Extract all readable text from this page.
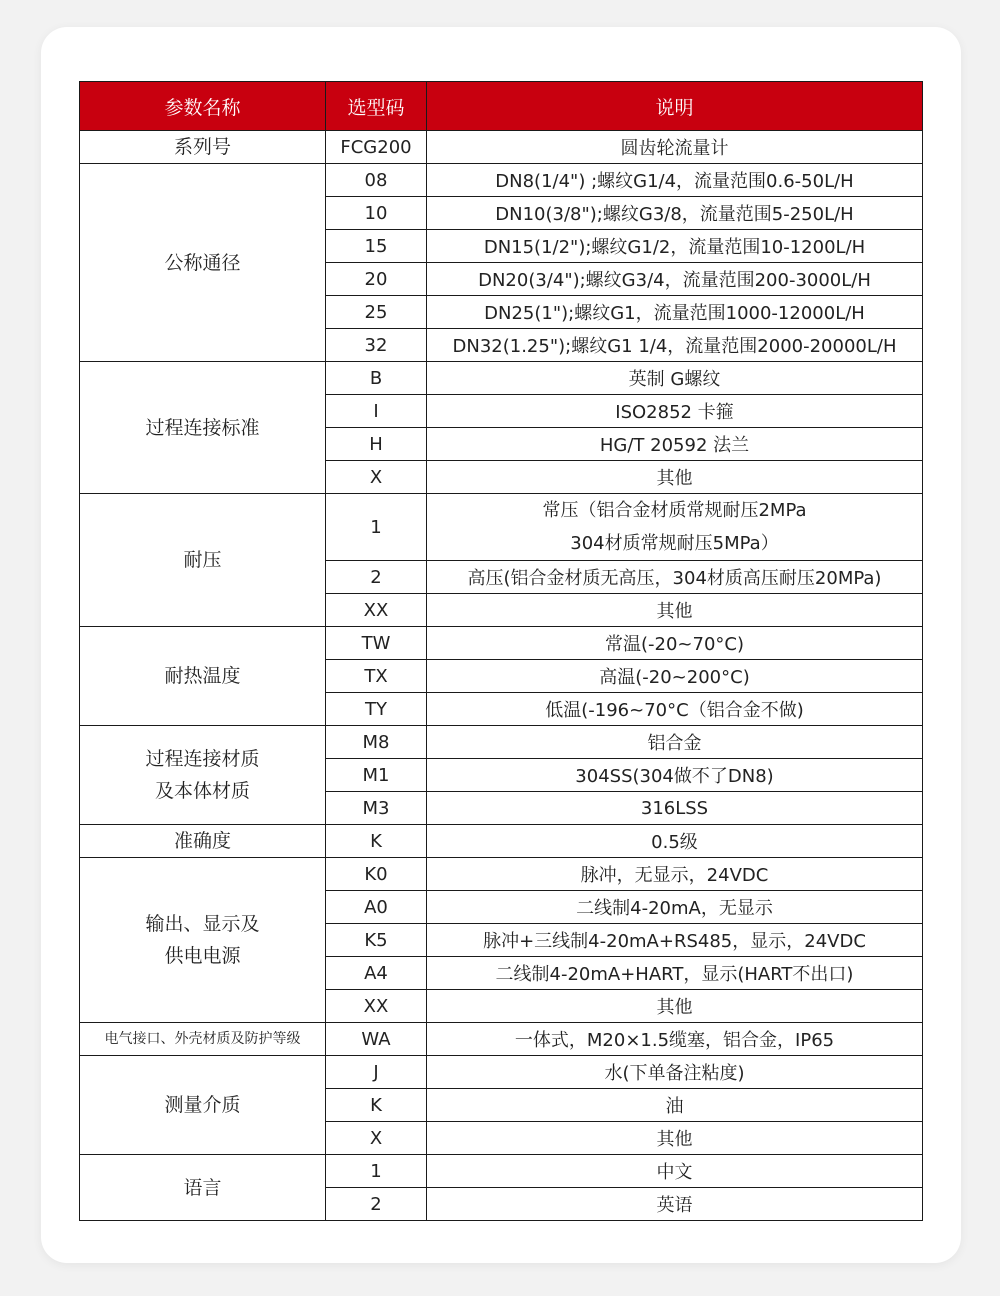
参数名称	选型码	说明

系列号	FCG200	圆齿轮流量计

公称通径	08	DN8(1/4") ;螺纹G1/4，流量范围0.6-50L/H

	10	DN10(3/8");螺纹G3/8，流量范围5-250L/H

	15	DN15(1/2");螺纹G1/2，流量范围10-1200L/H

	20	DN20(3/4");螺纹G3/4，流量范围200-3000L/H

	25	DN25(1");螺纹G1，流量范围1000-12000L/H

	32	DN32(1.25");螺纹G1 1/4，流量范围2000-20000L/H

过程连接标准	B	英制 G螺纹

	I	ISO2852 卡箍

	H	HG/T 20592 法兰

	X	其他

耐压	1	常压（铝合金材质常规耐压2MPa
304材质常规耐压5MPa）

	2	高压(铝合金材质无高压，304材质高压耐压20MPa)

	XX	其他

耐热温度	TW	常温(-20~70°C)

	TX	高温(-20~200°C)

	TY	低温(-196~70°C（铝合金不做)

过程连接材质
及本体材质	M8	铝合金

	M1	304SS(304做不了DN8)

	M3	316LSS

准确度	K	0.5级

输出、显示及
供电电源	K0	脉冲，无显示，24VDC

	A0	二线制4-20mA，无显示

	K5	脉冲+三线制4-20mA+RS485，显示，24VDC

	A4	二线制4-20mA+HART，显示(HART不出口)

	XX	其他

电气接口、外壳材质及防护等级	WA	一体式，M20×1.5缆塞，铝合金，IP65

测量介质	J	水(下单备注粘度)

	K	油

	X	其他

语言	1	中文

	2	英语
